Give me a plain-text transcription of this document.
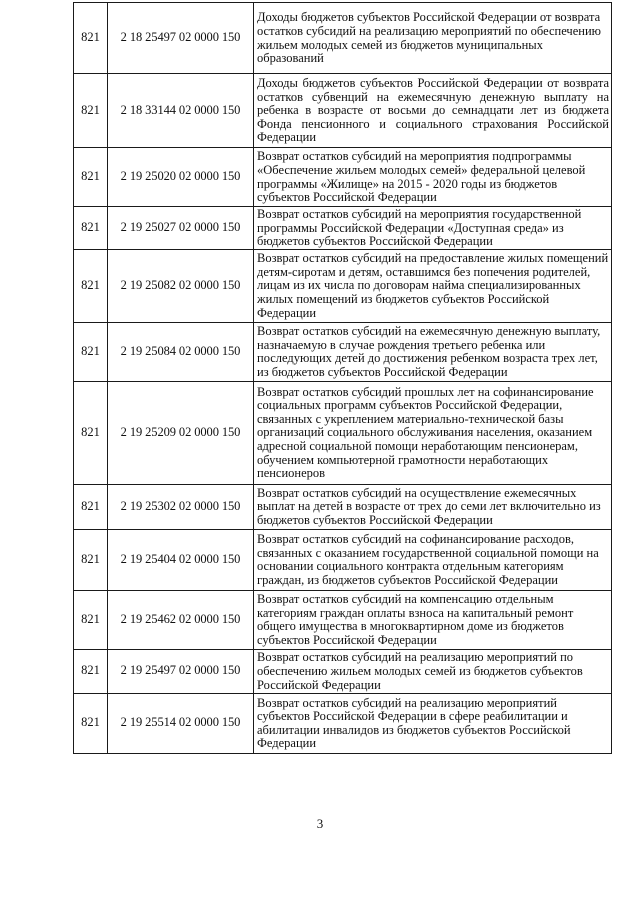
821	2 18 25497 02 0000 150	Доходы бюджетов субъектов Российской Федерации от возврата остатков субсидий на реализацию мероприятий по обеспечению жильем молодых семей из бюджетов муниципальных образований
821	2 18 33144 02 0000 150	Доходы бюджетов субъектов Российской Федерации от возврата остатков субвенций на ежемесячную денежную выплату на ребенка в возрасте от восьми до семнадцати лет из бюджета Фонда пенсионного и социального страхования Российской Федерации
821	2 19 25020 02 0000 150	Возврат остатков субсидий на мероприятия подпрограммы «Обеспечение жильем молодых семей» федеральной целевой программы «Жилище» на 2015 - 2020 годы из бюджетов субъектов Российской Федерации
821	2 19 25027 02 0000 150	Возврат остатков субсидий на мероприятия государственной программы Российской Федерации «Доступная среда» из бюджетов субъектов Российской Федерации
821	2 19 25082 02 0000 150	Возврат остатков субсидий на предоставление жилых помещений детям-сиротам и детям, оставшимся без попечения родителей, лицам из их числа по договорам найма специализированных жилых помещений из бюджетов субъектов Российской Федерации
821	2 19 25084 02 0000 150	Возврат остатков субсидий на ежемесячную денежную выплату, назначаемую в случае рождения третьего ребенка или последующих детей до достижения ребенком возраста трех лет, из бюджетов субъектов Российской Федерации
821	2 19 25209 02 0000 150	Возврат остатков субсидий прошлых лет на софинансирование социальных программ субъектов Российской Федерации, связанных с укреплением материально-технической базы организаций социального обслуживания населения, оказанием адресной социальной помощи неработающим пенсионерам, обучением компьютерной грамотности неработающих пенсионеров
821	2 19 25302 02 0000 150	Возврат остатков субсидий на осуществление ежемесячных выплат на детей в возрасте от трех до семи лет включительно из бюджетов субъектов Российской Федерации
821	2 19 25404 02 0000 150	Возврат остатков субсидий на софинансирование расходов, связанных с оказанием государственной социальной помощи на основании социального контракта отдельным категориям граждан, из бюджетов субъектов Российской Федерации
821	2 19 25462 02 0000 150	Возврат остатков субсидий на компенсацию отдельным категориям граждан оплаты взноса на капитальный ремонт общего имущества в многоквартирном доме из бюджетов субъектов Российской Федерации
821	2 19 25497 02 0000 150	Возврат остатков субсидий на реализацию мероприятий по обеспечению жильем молодых семей из бюджетов субъектов Российской Федерации
821	2 19 25514 02 0000 150	Возврат остатков субсидий на реализацию мероприятий субъектов Российской Федерации в сфере реабилитации и абилитации инвалидов из бюджетов субъектов Российской Федерации
3
